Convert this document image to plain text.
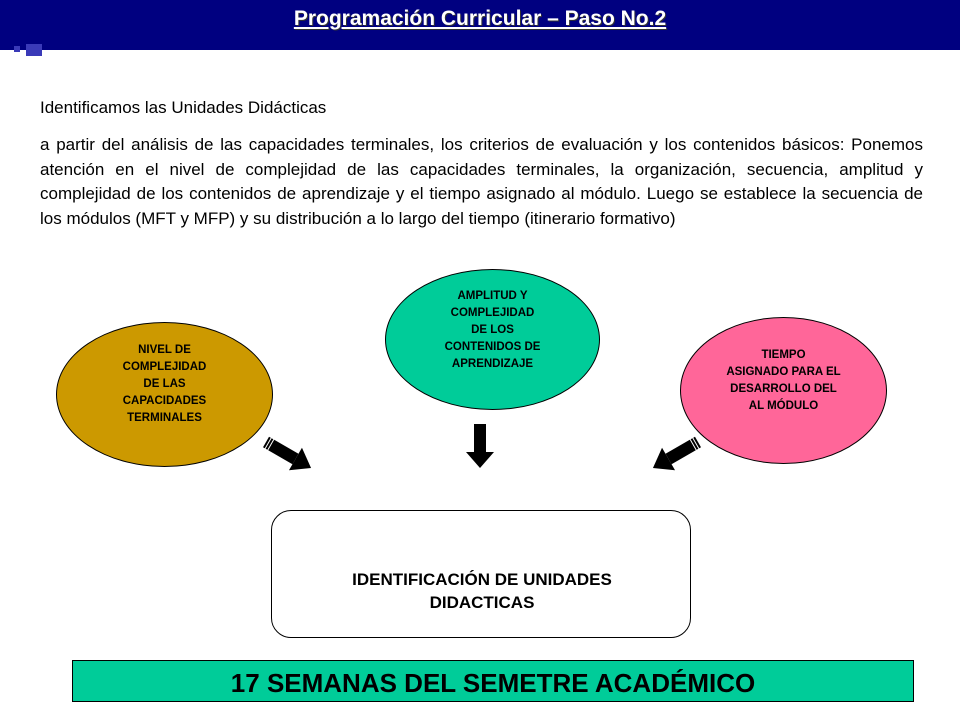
Programación Curricular – Paso No.2
Identificamos las Unidades Didácticas
a partir del análisis de las capacidades terminales, los criterios de evaluación y los contenidos básicos: Ponemos atención en el nivel de complejidad de las capacidades terminales, la organización, secuencia, amplitud y complejidad de los contenidos de aprendizaje y el tiempo asignado al módulo. Luego se establece la secuencia de los módulos (MFT y MFP) y su distribución a lo largo del tiempo (itinerario formativo)
NIVEL DE
COMPLEJIDAD
DE LAS
CAPACIDADES
TERMINALES
AMPLITUD Y
COMPLEJIDAD
DE LOS
CONTENIDOS DE
APRENDIZAJE
TIEMPO
ASIGNADO PARA EL
DESARROLLO DEL
AL MÓDULO
IDENTIFICACIÓN DE UNIDADES
DIDACTICAS
17 SEMANAS DEL SEMETRE ACADÉMICO
